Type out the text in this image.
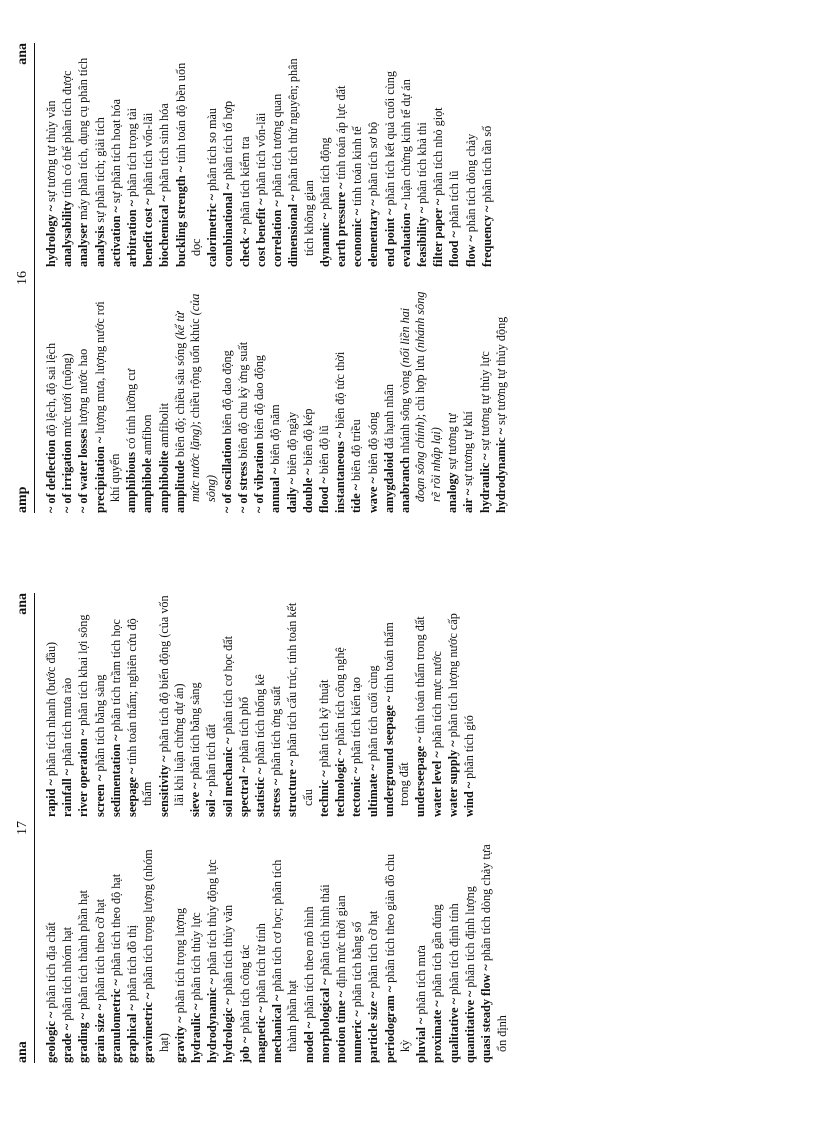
amp
16
ana
~ of deflection độ lệch, độ sai lệch
~ of irrigation mức tưới (ruộng)
~ of water losses lượng nước hao
precipitation ~ lượng mưa, lượng nước rơi khí quyển amphibious có tính lưỡng cư
amphibole amfibon
amphibolite amfibolit
amplitude biên độ; chiều sâu sóng (kể từ mức nước lặng); chiều rộng uốn khúc (của sông) ~ of oscillation biên độ dao động
~ of stress biên độ chu kỳ ứng suất
~ of vibration biên độ dao động
annual ~ biên độ năm
daily ~ biên độ ngày
double ~ biên độ kép
flood ~ biên độ lũ instantaneous ~ biên độ tức thời
tide ~ biên độ triều
wave ~ biên độ sóng
amygdaloid đá hạnh nhân
anabranch nhánh sông vòng (nối liền hai đoạn sông chính); chi hợp lưu (nhánh sông rẽ rồi nhập lại) analogy sự tương tự
air ~ sự tương tự khí hydraulic ~ sự tương tự thủy lực
hydrodynamic ~ sự tương tự thủy động
hydrology ~ sự tương tự thủy văn
analysability tính có thể phân tích được
analyser máy phân tích, dụng cụ phân tích
analysis sự phân tích; giải tích
activation ~ sự phân tích hoạt hóa
arbitration ~ phân tích trọng tài
benefit cost ~ phân tích vốn-lãi
biochemical ~ phân tích sinh hóa
buckling strength ~ tính toán độ bền uốn dọc calorimetric ~ phân tích so màu
combinational ~ phân tích tổ hợp
check ~ phân tích kiểm tra
cost benefit ~ phân tích vốn-lãi
correlation ~ phân tích tương quan
dimensional ~ phân tích thứ nguyên; phân tích không gian dynamic ~ phân tích động
earth pressure ~ tính toán áp lực đất
economic ~ tính toán kinh tế
elementary ~ phân tích sơ bộ
end point ~ phân tích kết quả cuối cùng
evaluation ~ luận chứng kinh tế dự án
feasibility ~ phân tích khả thi
filter paper ~ phân tích nhỏ giọt
flood ~ phân tích lũ
flow ~ phân tích dòng chảy
frequency ~ phân tích tần số
ana
17
ana
geologic ~ phân tích địa chất
grade ~ phân tích nhóm hạt
grading ~ phân tích thành phần hạt
grain size ~ phân tích theo cỡ hạt
granulometric ~ phân tích theo độ hạt
graphical ~ phân tích đồ thị
gravimetric ~ phân tích trọng lượng (nhóm hạt) gravity ~ phân tích trọng lượng
hydraulic ~ phân tích thủy lực
hydrodynamic ~ phân tích thủy động lực
hydrologic ~ phân tích thủy văn
job ~ phân tích công tác magnetic ~ phân tích từ tính
mechanical ~ phân tích cơ học; phân tích thành phần hạt model ~ phân tích theo mô hình morphological ~ phân tích hình thái
motion time ~ định mức thời gian
numeric ~ phân tích bằng số
particle size ~ phân tích cỡ hạt
periodogram ~ phân tích theo giản đồ chu kỳ pluvial ~ phân tích mưa
proximate ~ phân tích gần đúng
qualitative ~ phân tích định tính
quantitative ~ phân tích định lượng
quasi steady flow ~ phân tích dòng chảy tựa ổn định
rapid ~ phân tích nhanh (bước đầu)
rainfall ~ phân tích mưa rào
river operation ~ phân tích khai lợi sông
screen ~ phân tích bằng sàng
sedimentation ~ phân tích trầm tích học
seepage ~ tính toán thấm; nghiên cứu độ thấm sensitivity ~ phân tích độ biến động (của vốn lãi khi luận chứng dự án) sieve ~ phân tích bằng sàng
soil ~ phân tích đất soil mechanic ~ phân tích cơ học đất
spectral ~ phân tích phổ
statistic ~ phân tích thống kê
stress ~ phân tích ứng suất
structure ~ phân tích cấu trúc, tính toán kết cấu technic ~ phân tích kỹ thuật
technologic ~ phân tích công nghệ
tectonic ~ phân tích kiến tạo
ultimate ~ phân tích cuối cùng underground seepage ~ tính toán thấm trong đất underseepage ~ tính toán thấm trong đất
water level ~ phân tích mực nước
water supply ~ phân tích lượng nước cấp
wind ~ phân tích gió
